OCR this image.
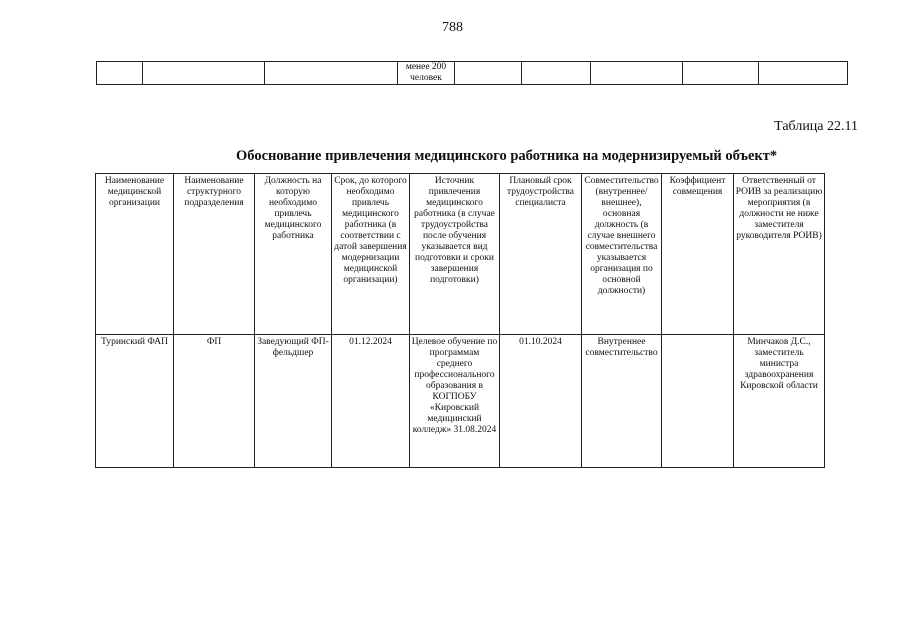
788
			менее 200 человек					
Таблица 22.11
Обоснование привлечения медицинского работника на модернизируемый объект*
Наименование медицинской организации	Наименование структурного подразделения	Должность на которую необходимо привлечь медицинского работника	Срок, до которого необходимо привлечь медицинского работника (в соответствии с датой завершения модернизации медицинской организации)	Источник привлечения медицинского работника (в случае трудоустройства после обучения указывается вид подготовки и сроки завершения подготовки)	Плановый срок трудоустройства специалиста	Совместительство (внутреннее/внешнее), основная должность (в случае внешнего совместительства указывается организация по основной должности)	Коэффициент совмещения	Ответственный от РОИВ за реализацию мероприятия (в должности не ниже заместителя руководителя РОИВ)
Туринский ФАП	ФП	Заведующий ФП-фельдшер	01.12.2024	Целевое обучение по программам среднего профессионального образования в КОГПОБУ «Кировский медицинский колледж» 31.08.2024	01.10.2024	Внутреннее совместительство		Минчаков Д.С., заместитель министра здравоохранения Кировской области
